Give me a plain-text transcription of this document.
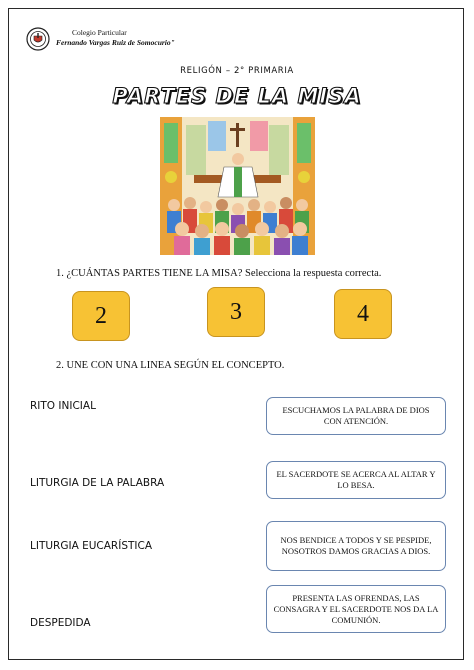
Colegio Particular
Fernando Vargas Ruiz de Somocurio"
RELIGÓN – 2° PRIMARIA
PARTES DE LA MISA
1. ¿CUÁNTAS PARTES TIENE LA MISA? Selecciona la respuesta correcta.
2	3	4
2. UNE CON UNA LINEA SEGÚN EL CONCEPTO.
RITO INICIAL
LITURGIA DE LA PALABRA
LITURGIA EUCARÍSTICA
DESPEDIDA
ESCUCHAMOS LA PALABRA DE DIOS CON ATENCIÓN.
EL SACERDOTE SE ACERCA AL ALTAR Y LO BESA.
NOS BENDICE A TODOS Y SE PESPIDE, NOSOTROS DAMOS GRACIAS A DIOS.
PRESENTA LAS OFRENDAS, LAS CONSAGRA Y EL SACERDOTE NOS DA LA COMUNIÓN.
